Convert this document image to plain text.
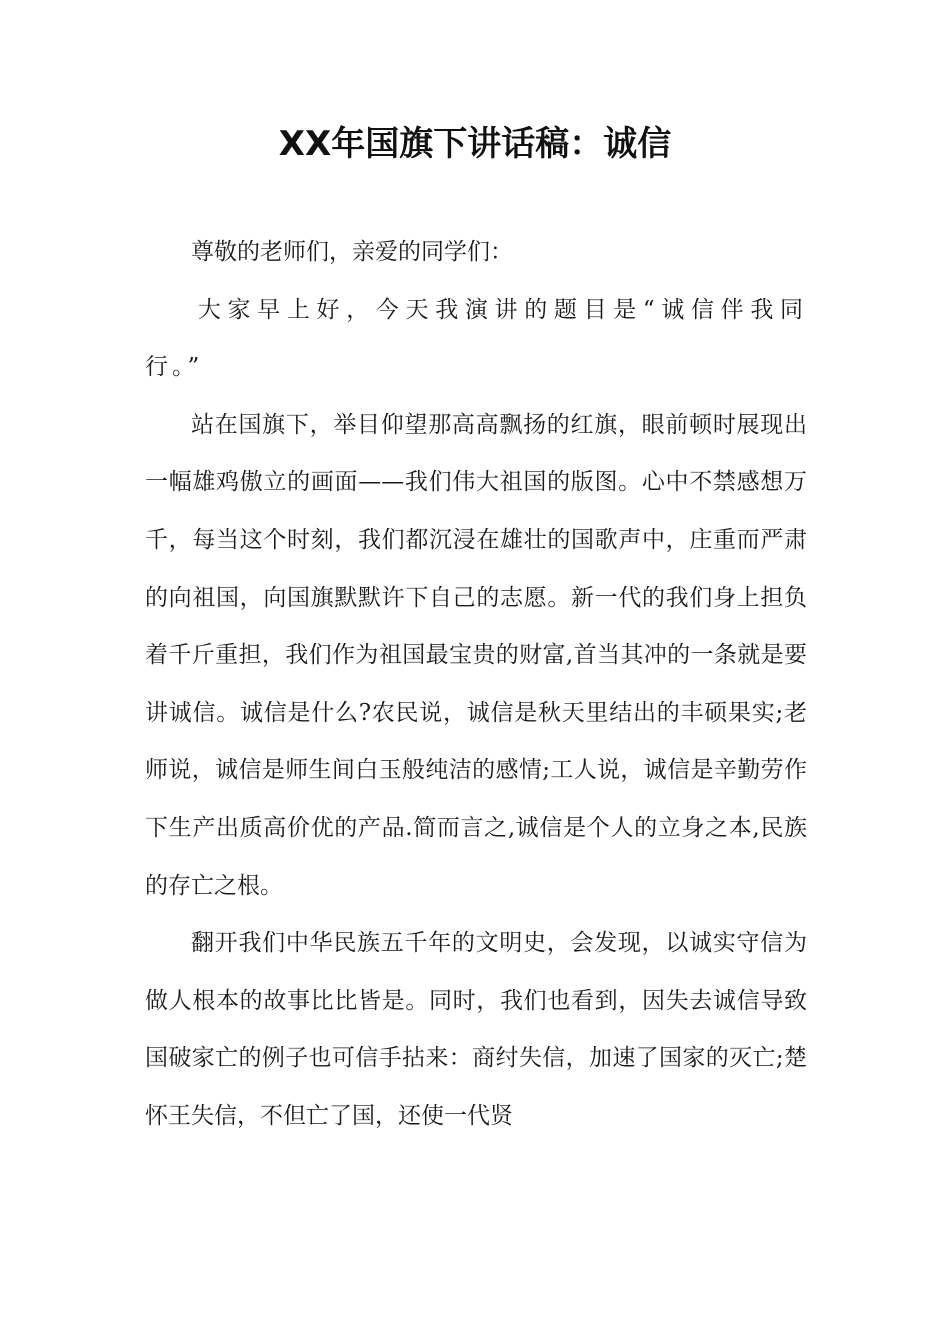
XX年国旗下讲话稿：诚信

尊敬的老师们，亲爱的同学们：

大家早上好，今天我演讲的题目是“诚信伴我同行。”

站在国旗下，举目仰望那高高飘扬的红旗，眼前顿时展现出一幅雄鸡傲立的画面——我们伟大祖国的版图。心中不禁感想万千，每当这个时刻，我们都沉浸在雄壮的国歌声中，庄重而严肃的向祖国，向国旗默默许下自己的志愿。新一代的我们身上担负着千斤重担，我们作为祖国最宝贵的财富,首当其冲的一条就是要讲诚信。诚信是什么?农民说，诚信是秋天里结出的丰硕果实;老师说，诚信是师生间白玉般纯洁的感情;工人说，诚信是辛勤劳作下生产出质高价优的产品.简而言之,诚信是个人的立身之本,民族的存亡之根。

翻开我们中华民族五千年的文明史，会发现，以诚实守信为做人根本的故事比比皆是。同时，我们也看到，因失去诚信导致国破家亡的例子也可信手拈来：商纣失信，加速了国家的灭亡;楚怀王失信，不但亡了国，还使一代贤
